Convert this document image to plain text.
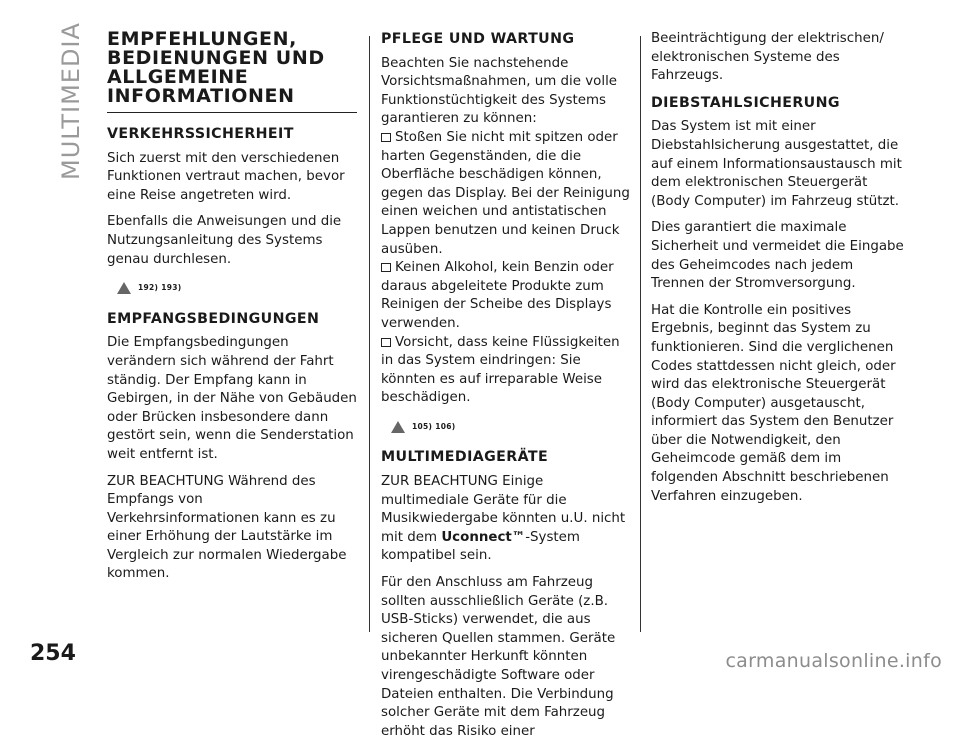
MULTIMEDIA EMPFEHLUNGEN, BEDIENUNGEN UND ALLGEMEINE INFORMATIONEN
VERKEHRSSICHERHEIT

Sich zuerst mit den verschiedenen Funktionen vertraut machen, bevor eine Reise angetreten wird.

Ebenfalls die Anweisungen und die Nutzungsanleitung des Systems genau durchlesen.

192) 193)
EMPFANGSBEDINGUNGEN

Die Empfangsbedingungen verändern sich während der Fahrt ständig. Der Empfang kann in Gebirgen, in der Nähe von Gebäuden oder Brücken insbesondere dann gestört sein, wenn die Senderstation weit entfernt ist.

ZUR BEACHTUNG Während des Empfangs von Verkehrsinformationen kann es zu einer Erhöhung der Lautstärke im Vergleich zur normalen Wiedergabe kommen.

PFLEGE UND WARTUNG

Beachten Sie nachstehende Vorsichtsmaßnahmen, um die volle Funktionstüchtigkeit des Systems garantieren zu können:

Stoßen Sie nicht mit spitzen oder harten Gegenständen, die die Oberfläche beschädigen können, gegen das Display. Bei der Reinigung einen weichen und antistatischen Lappen benutzen und keinen Druck ausüben.
Keinen Alkohol, kein Benzin oder daraus abgeleitete Produkte zum Reinigen der Scheibe des Displays verwenden.
Vorsicht, dass keine Flüssigkeiten in das System eindringen: Sie könnten es auf irreparable Weise beschädigen.
105) 106)
MULTIMEDIAGERÄTE

ZUR BEACHTUNG Einige multimediale Geräte für die Musikwiedergabe könnten u.U. nicht mit dem Uconnect™-System kompatibel sein.

Für den Anschluss am Fahrzeug sollten ausschließlich Geräte (z.B. USB-Sticks) verwendet, die aus sicheren Quellen stammen. Geräte unbekannter Herkunft könnten virengeschädigte Software oder Dateien enthalten. Die Verbindung solcher Geräte mit dem Fahrzeug erhöht das Risiko einer

Beeinträchtigung der elektrischen/ elektronischen Systeme des Fahrzeugs.

DIEBSTAHLSICHERUNG

Das System ist mit einer Diebstahlsicherung ausgestattet, die auf einem Informationsaustausch mit dem elektronischen Steuergerät (Body Computer) im Fahrzeug stützt.

Dies garantiert die maximale Sicherheit und vermeidet die Eingabe des Geheimcodes nach jedem Trennen der Stromversorgung.

Hat die Kontrolle ein positives Ergebnis, beginnt das System zu funktionieren. Sind die verglichenen Codes stattdessen nicht gleich, oder wird das elektronische Steuergerät (Body Computer) ausgetauscht, informiert das System den Benutzer über die Notwendigkeit, den Geheimcode gemäß dem im folgenden Abschnitt beschriebenen Verfahren einzugeben.

254	carmanualsonline.info
